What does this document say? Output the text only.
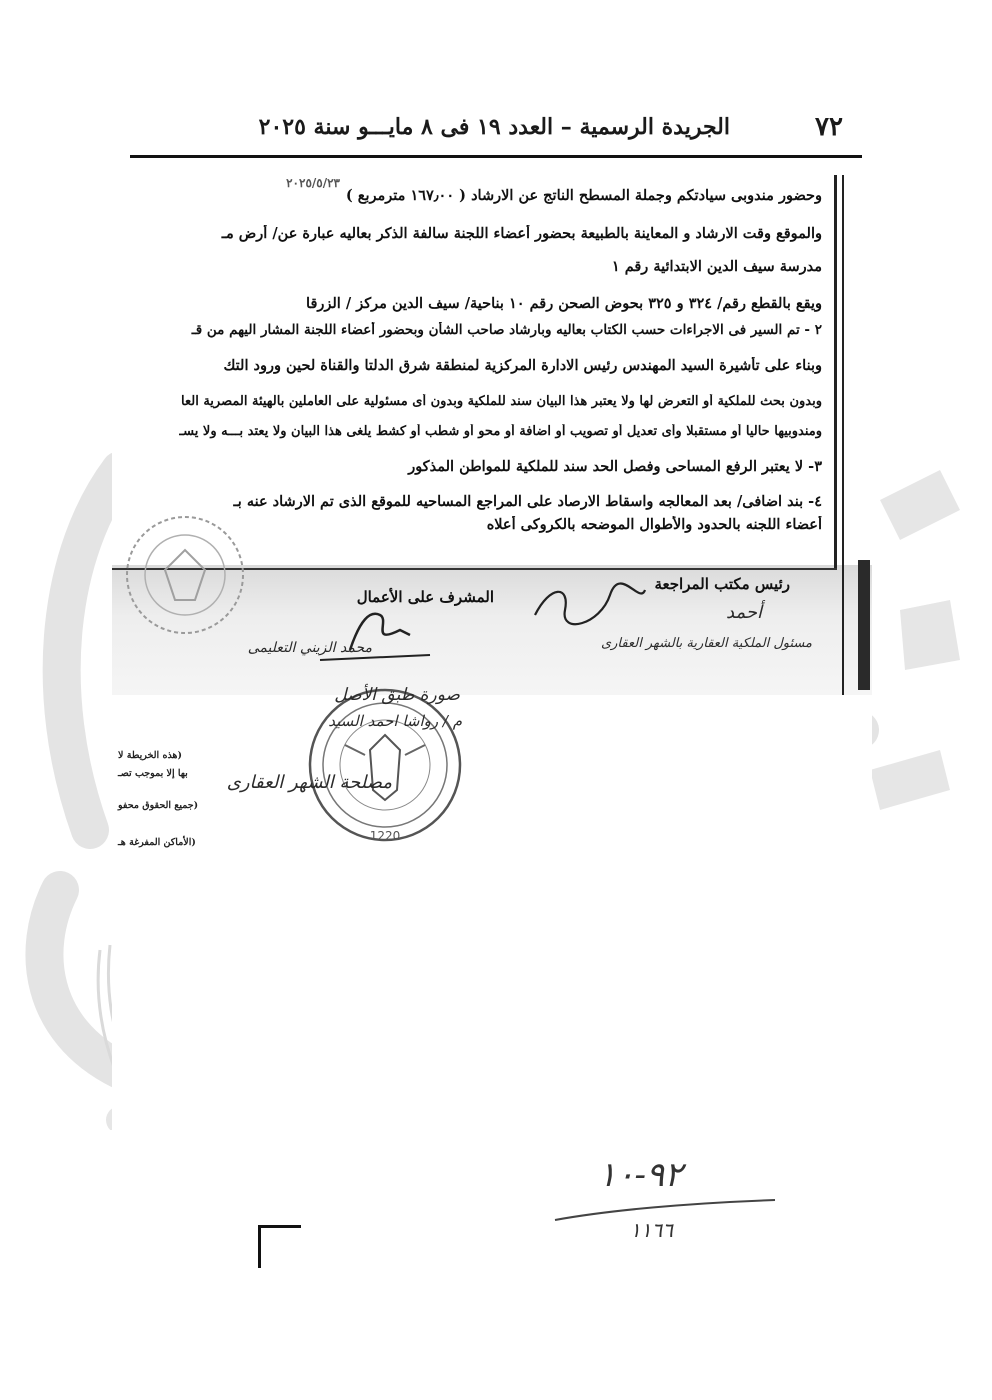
٧٢
الجريدة الرسمية – العدد ١٩ فى ٨ مايـــو سنة ٢٠٢٥
٢٠٢٥/٥/٢٣
وحضور مندوبى سيادتكم وجملة المسطح الناتج عن الارشاد ( ١٦٧٫٠٠ مترمربع )
والموقع وقت الارشاد و المعاينة بالطبيعة بحضور أعضاء اللجنة سالفة الذكر بعاليه عبارة عن/ أرض مـ
مدرسة سيف الدين الابتدائية رقم ١
ويقع بالقطع رقم/ ٣٢٤ و ٣٢٥ بحوض الصحن رقم ١٠ بناحية/ سيف الدين مركز / الزرقا
٢ - تم السير فى الاجراءات حسب الكتاب بعاليه وبارشاد صاحب الشأن وبحضور أعضاء اللجنة المشار اليهم من قـ
وبناء على تأشيرة السيد المهندس رئيس الادارة المركزية لمنطقة شرق الدلتا والقناة لحين ورود التك
وبدون بحث للملكية أو التعرض لها ولا يعتبر هذا البيان سند للملكية وبدون أى مسئولية على العاملين بالهيئة المصرية العا
ومندوبيها حاليا أو مستقبلا وأى تعديل أو تصويب أو اضافة أو محو أو شطب أو كشط يلغى هذا البيان ولا يعتد بـــه ولا يسـ
٣- لا يعتبر الرفع المساحى وفصل الحد سند للملكية للمواطن المذكور
٤- بند اضافى/ بعد المعالجه واسقاط الارصاد على المراجع المساحيه للموقع الذى تم الارشاد عنه بـ
أعضاء اللجنه بالحدود والأطوال الموضحه بالكروكى أعلاه
رئيس مكتب المراجعة
المشرف على الأعمال
أحمد
مسئول الملكية العقارية بالشهر العقارى
محمد الزيني التعليمى
(هذه الخريطة لا
بها إلا بموجب تصـ
(جميع الحقوق محفو
(الأماكن المفرغة هـ	1220
صورة طبق الأصل
م / رواشا احمد السيد
مصلحة الشهر العقارى
٩٢-١٠
١١٦٦
